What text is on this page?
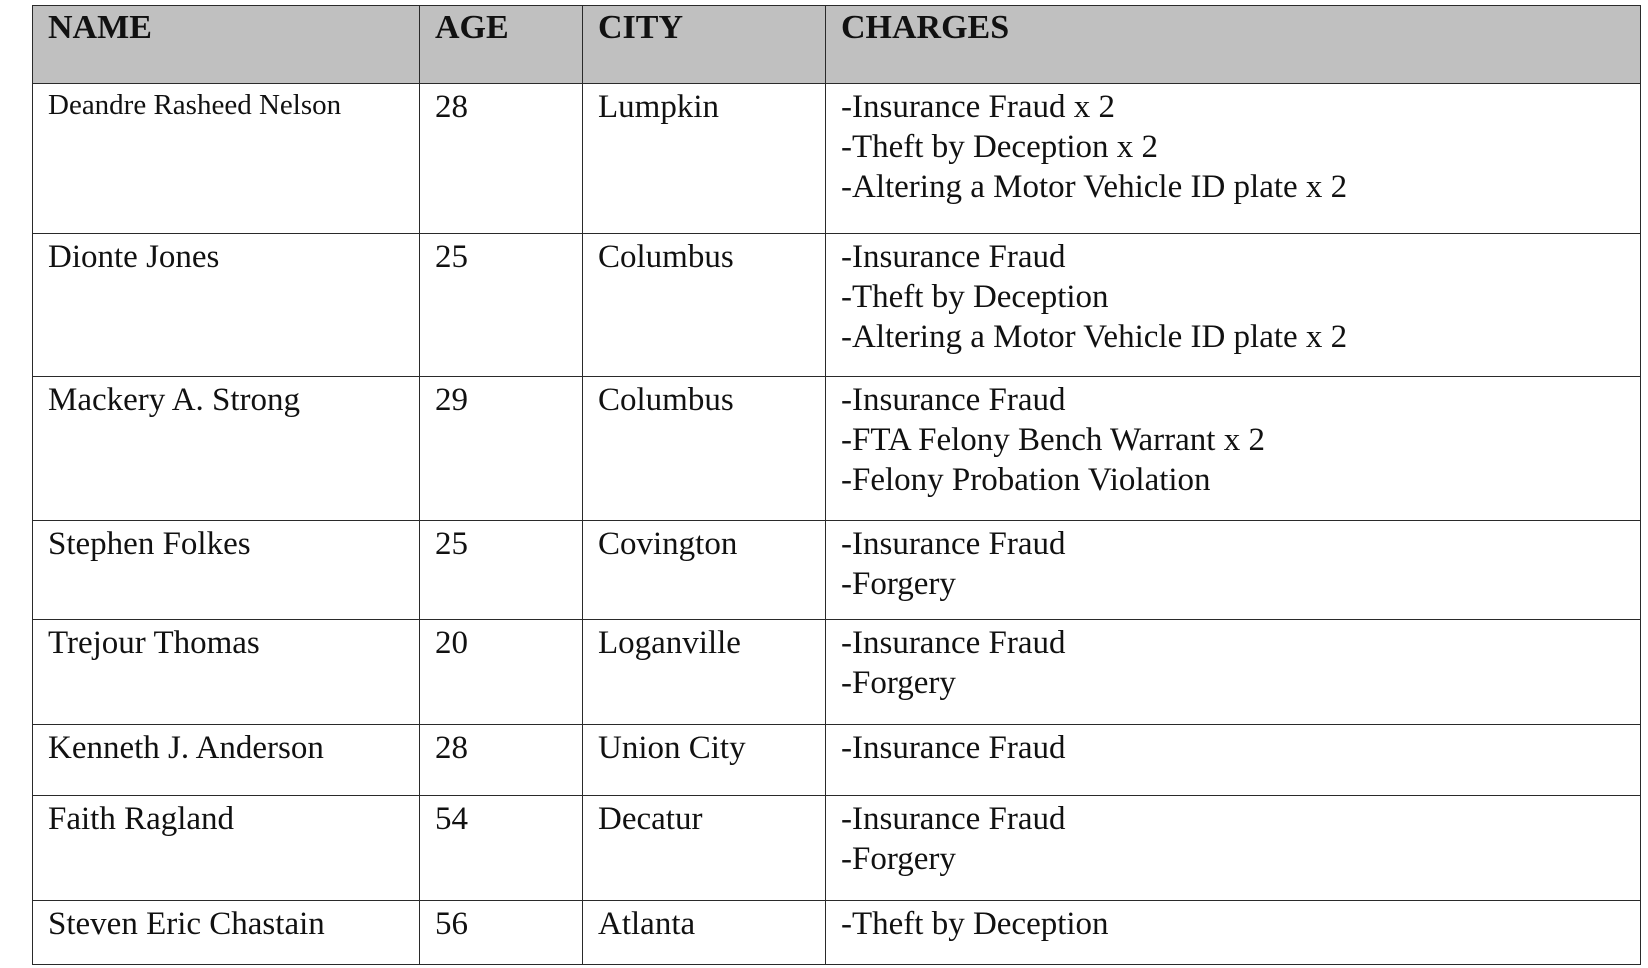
NAME	AGE	CITY	CHARGES
Deandre Rasheed Nelson	28	Lumpkin	-Insurance Fraud x 2
-Theft by Deception x 2
-Altering a Motor Vehicle ID plate x 2

Dionte Jones	25	Columbus	-Insurance Fraud
-Theft by Deception
-Altering a Motor Vehicle ID plate x 2

Mackery A. Strong	29	Columbus	-Insurance Fraud
-FTA Felony Bench Warrant x 2
-Felony Probation Violation

Stephen Folkes	25	Covington	-Insurance Fraud
-Forgery

Trejour Thomas	20	Loganville	-Insurance Fraud
-Forgery

Kenneth J. Anderson	28	Union City	-Insurance Fraud

Faith Ragland	54	Decatur	-Insurance Fraud
-Forgery

Steven Eric Chastain	56	Atlanta	-Theft by Deception
